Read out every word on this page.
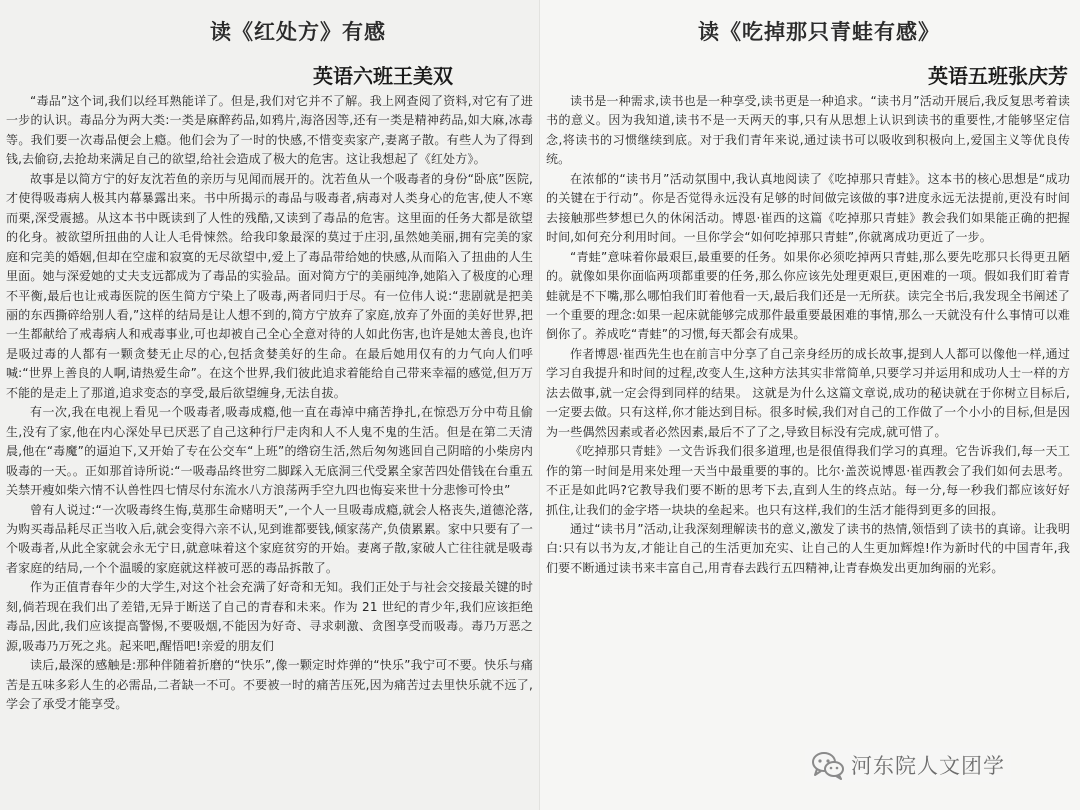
读《红处方》有感
英语六班王美双

“毒品”这个词,我们以经耳熟能详了。但是,我们对它并不了解。我上网查阅了资料,对它有了进一步的认识。毒品分为两大类:一类是麻醉药品,如鸦片,海洛因等,还有一类是精神药品,如大麻,冰毒等。我们要一次毒品便会上瘾。他们会为了一时的快感,不惜变卖家产,妻离子散。有些人为了得到钱,去偷窃,去抢劫来满足自己的欲望,给社会造成了极大的危害。这让我想起了《红处方》。

故事是以简方宁的好友沈若鱼的亲历与见闻而展开的。沈若鱼从一个吸毒者的身份“卧底”医院,才使得吸毒病人极其内幕暴露出来。书中所揭示的毒品与吸毒者,病毒对人类身心的危害,使人不寒而栗,深受震撼。从这本书中既读到了人性的残酷,又读到了毒品的危害。这里面的任务大都是欲望的化身。被欲望所扭曲的人让人毛骨悚然。给我印象最深的莫过于庄羽,虽然她美丽,拥有完美的家庭和完美的婚姻,但却在空虚和寂寞的无尽欲望中,爱上了毒品带给她的快感,从而陷入了扭曲的人生里面。她与深爱她的丈夫支远都成为了毒品的实验品。面对简方宁的美丽纯净,她陷入了极度的心理不平衡,最后也让戒毒医院的医生简方宁染上了吸毒,两者同归于尽。有一位伟人说:“悲剧就是把美丽的东西撕碎给别人看,”这样的结局是让人想不到的,简方宁放弃了家庭,放弃了外面的美好世界,把一生都献给了戒毒病人和戒毒事业,可也却被自己全心全意对待的人如此伤害,也许是她太善良,也许是吸过毒的人都有一颗贪婪无止尽的心,包括贪婪美好的生命。在最后她用仅有的力气向人们呼喊:“世界上善良的人啊,请热爱生命”。在这个世界,我们彼此追求着能给自己带来幸福的感觉,但万万不能的是走上了那道,追求变态的享受,最后欲望缠身,无法自拔。

有一次,我在电视上看见一个吸毒者,吸毒成瘾,他一直在毒淖中痛苦挣扎,在惊恐万分中苟且偷生,没有了家,他在内心深处早已厌恶了自己这种行尸走肉和人不人鬼不鬼的生活。但是在第二天清晨,他在“毒魔”的逼迫下,又开始了专在公交车“上班”的绺窃生活,然后匆匆逃回自己阴暗的小柴房内吸毒的一天。。正如那首诗所说:“一吸毒品终世穷二脚踩入无底洞三代受累全家苦四处借钱在台重五关禁开瘦如柴六情不认兽性四七情尽付东流水八方浪荡两手空九四也悔妄来世十分悲惨可怜虫”

曾有人说过:“一次吸毒终生悔,莫那生命赌明天”,一个人一旦吸毒成瘾,就会人格丧失,道德沦落,为购买毒品耗尽正当收入后,就会变得六亲不认,见到谁都要钱,倾家荡产,负债累累。家中只要有了一个吸毒者,从此全家就会永无宁日,就意味着这个家庭贫穷的开始。妻离子散,家破人亡往往就是吸毒者家庭的结局,一个个温暖的家庭就这样被可恶的毒品拆散了。

作为正值青春年少的大学生,对这个社会充满了好奇和无知。我们正处于与社会交接最关键的时刻,倘若现在我们出了差错,无异于断送了自己的青春和未来。作为 21 世纪的青少年,我们应该拒绝毒品,因此,我们应该提高警惕,不要吸烟,不能因为好奇、寻求刺激、贪图享受而吸毒。毒乃万恶之源,吸毒乃万死之兆。起来吧,醒悟吧!亲爱的朋友们

读后,最深的感触是:那种伴随着折磨的“快乐”,像一颗定时炸弹的“快乐”我宁可不要。快乐与痛苦是五味多彩人生的必需品,二者缺一不可。不要被一时的痛苦压死,因为痛苦过去里快乐就不远了,学会了承受才能享受。

读《吃掉那只青蛙有感》
英语五班张庆芳

读书是一种需求,读书也是一种享受,读书更是一种追求。“读书月”活动开展后,我反复思考着读书的意义。因为我知道,读书不是一天两天的事,只有从思想上认识到读书的重要性,才能够坚定信念,将读书的习惯继续到底。对于我们青年来说,通过读书可以吸收到积极向上,爱国主义等优良传统。

在浓郁的“读书月”活动氛围中,我认真地阅读了《吃掉那只青蛙》。这本书的核心思想是“成功的关键在于行动”。你是否觉得永远没有足够的时间做完该做的事?进度永远无法提前,更没有时间去接触那些梦想已久的休闲活动。博恩·崔西的这篇《吃掉那只青蛙》教会我们如果能正确的把握时间,如何充分利用时间。一旦你学会“如何吃掉那只青蛙”,你就离成功更近了一步。

“青蛙”意味着你最艰巨,最重要的任务。如果你必须吃掉两只青蛙,那么要先吃那只长得更丑陋的。就像如果你面临两项都重要的任务,那么你应该先处理更艰巨,更困难的一项。假如我们盯着青蛙就是不下嘴,那么哪怕我们盯着他看一天,最后我们还是一无所获。读完全书后,我发现全书阐述了一个重要的理念:如果一起床就能够完成那件最重要最困难的事情,那么一天就没有什么事情可以难倒你了。养成吃“青蛙”的习惯,每天都会有成果。

作者博恩·崔西先生也在前言中分享了自己亲身经历的成长故事,提到人人都可以像他一样,通过学习自我提升和时间的过程,改变人生,这种方法其实非常简单,只要学习并运用和成功人士一样的方法去做事,就一定会得到同样的结果。 这就是为什么这篇文章说,成功的秘诀就在于你树立目标后,一定要去做。只有这样,你才能达到目标。很多时候,我们对自己的工作做了一个小小的目标,但是因为一些偶然因素或者必然因素,最后不了了之,导致目标没有完成,就可惜了。

《吃掉那只青蛙》一文告诉我们很多道理,也是很值得我们学习的真理。它告诉我们,每一天工作的第一时间是用来处理一天当中最重要的事的。比尔·盖茨说博恩·崔西教会了我们如何去思考。不正是如此吗?它教导我们要不断的思考下去,直到人生的终点站。每一分,每一秒我们都应该好好抓住,让我们的金字塔一块块的垒起来。也只有这样,我们的生活才能得到更多的回报。

通过“读书月”活动,让我深刻理解读书的意义,激发了读书的热情,领悟到了读书的真谛。让我明白:只有以书为友,才能让自己的生活更加充实、让自己的人生更加辉煌!作为新时代的中国青年,我们要不断通过读书来丰富自己,用青春去践行五四精神,让青春焕发出更加绚丽的光彩。

河东院人文团学
